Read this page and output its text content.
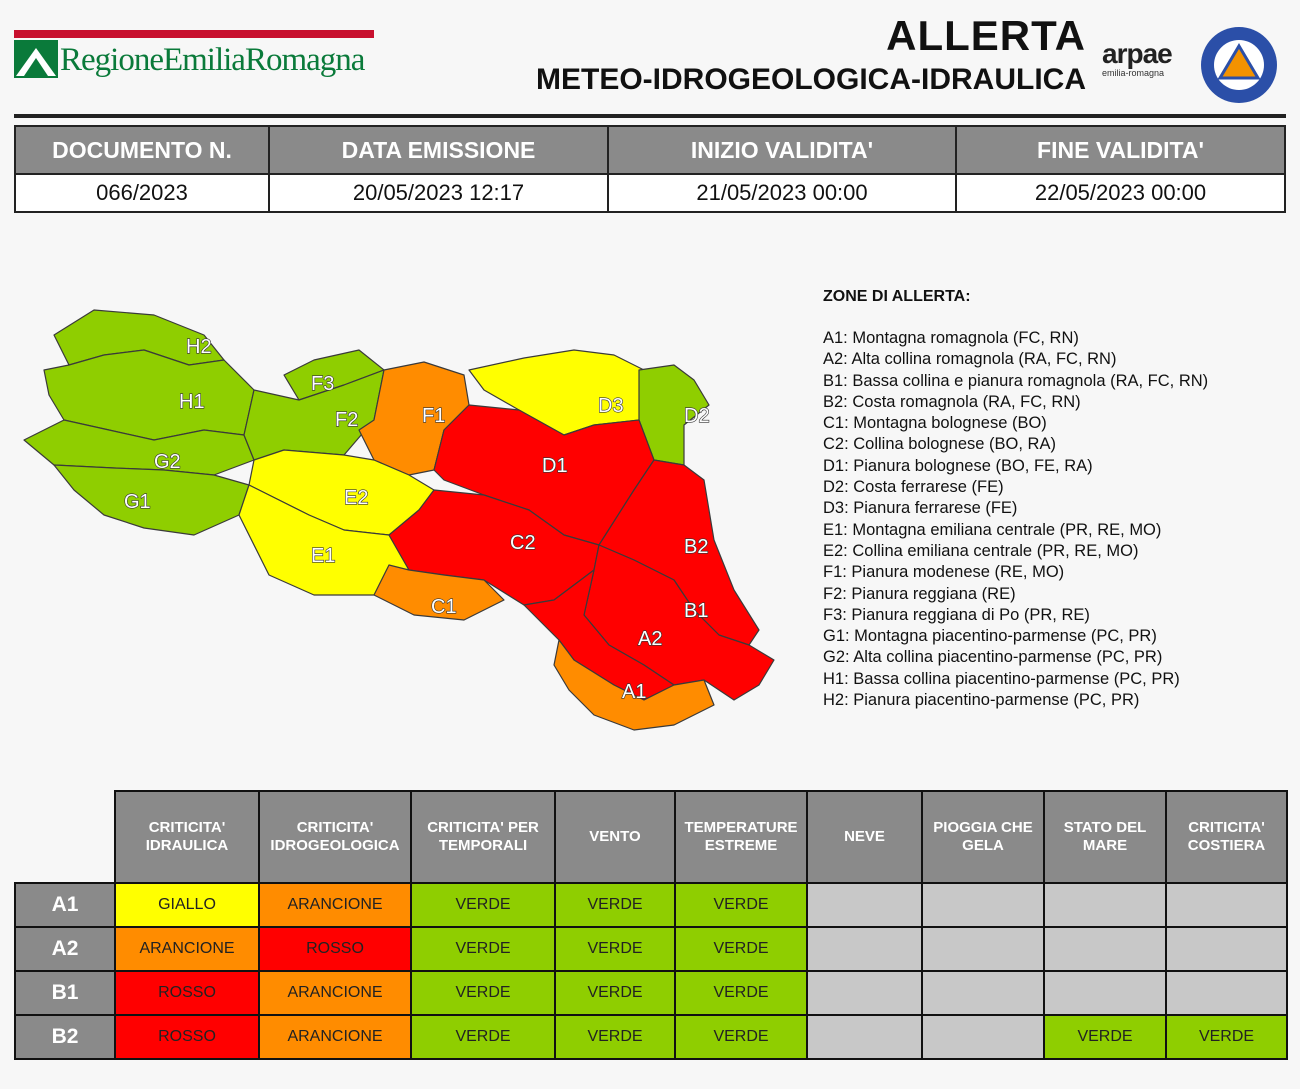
RegioneEmiliaRomagna
ALLERTA
METEO-IDROGEOLOGICA-IDRAULICA
arpae
emilia-romagna
DOCUMENTO N.	DATA EMISSIONE	INIZIO VALIDITA'	FINE VALIDITA'
066/2023	20/05/2023 12:17	21/05/2023 00:00	22/05/2023 00:00
H2
H1
G2
G1
F3
F2	F1
E2
E1
D1
D2
D3
C1
C2
B1
B2
A1
A2
ZONE DI ALLERTA:
A1: Montagna romagnola (FC, RN)
A2: Alta collina romagnola (RA, FC, RN)
B1: Bassa collina e pianura romagnola (RA, FC, RN)
B2: Costa romagnola (RA, FC, RN)
C1: Montagna bolognese (BO)
C2: Collina bolognese (BO, RA)
D1: Pianura bolognese (BO, FE, RA)
D2: Costa ferrarese (FE)
D3: Pianura ferrarese (FE)
E1: Montagna emiliana centrale (PR, RE, MO)
E2: Collina emiliana centrale (PR, RE, MO)
F1: Pianura modenese (RE, MO)
F2: Pianura reggiana (RE)
F3: Pianura reggiana di Po (PR, RE)
G1: Montagna piacentino-parmense (PC, PR)
G2: Alta collina piacentino-parmense (PC, PR)
H1: Bassa collina piacentino-parmense (PC, PR)
H2: Pianura piacentino-parmense (PC, PR)
	CRITICITA' IDRAULICA	CRITICITA' IDROGEOLOGICA	CRITICITA' PER TEMPORALI	VENTO	TEMPERATURE ESTREME	NEVE	PIOGGIA CHE GELA	STATO DEL MARE	CRITICITA' COSTIERA
A1	GIALLO	ARANCIONE	VERDE	VERDE	VERDE				
A2	ARANCIONE	ROSSO	VERDE	VERDE	VERDE				
B1	ROSSO	ARANCIONE	VERDE	VERDE	VERDE				
B2	ROSSO	ARANCIONE	VERDE	VERDE	VERDE			VERDE	VERDE
